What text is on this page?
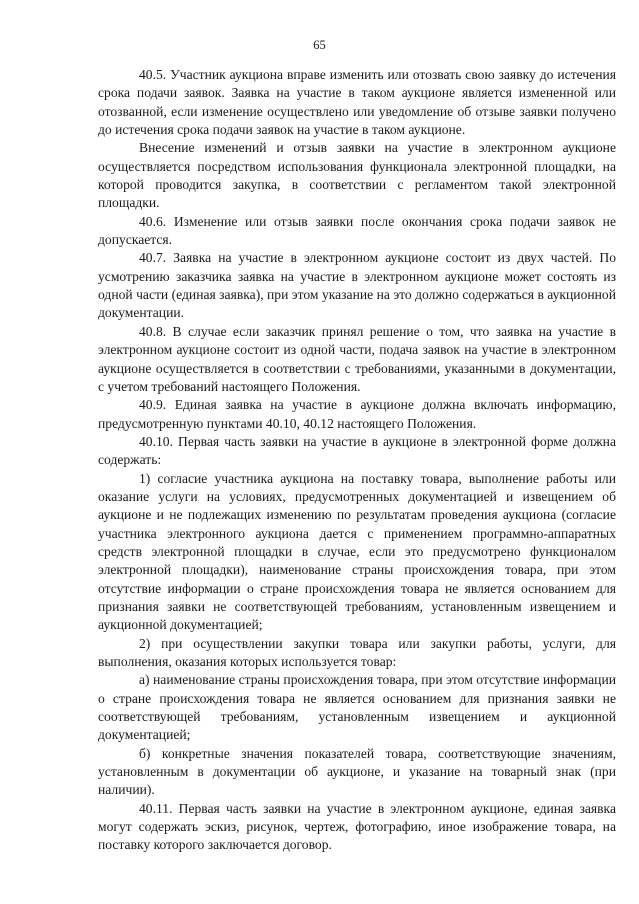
65

40.5. Участник аукциона вправе изменить или отозвать свою заявку до истечения срока подачи заявок. Заявка на участие в таком аукционе является измененной или отозванной, если изменение осуществлено или уведомление об отзыве заявки получено до истечения срока подачи заявок на участие в таком аукционе.

Внесение изменений и отзыв заявки на участие в электронном аукционе осуществляется посредством использования функционала электронной площадки, на которой проводится закупка, в соответствии с регламентом такой электронной площадки.

40.6. Изменение или отзыв заявки после окончания срока подачи заявок не допускается.

40.7. Заявка на участие в электронном аукционе состоит из двух частей. По усмотрению заказчика заявка на участие в электронном аукционе может состоять из одной части (единая заявка), при этом указание на это должно содержаться в аукционной документации.

40.8. В случае если заказчик принял решение о том, что заявка на участие в электронном аукционе состоит из одной части, подача заявок на участие в электронном аукционе осуществляется в соответствии с требованиями, указанными в документации, с учетом требований настоящего Положения.

40.9. Единая заявка на участие в аукционе должна включать информацию, предусмотренную пунктами 40.10, 40.12 настоящего Положения.

40.10. Первая часть заявки на участие в аукционе в электронной форме должна содержать:

1) согласие участника аукциона на поставку товара, выполнение работы или оказание услуги на условиях, предусмотренных документацией и извещением об аукционе и не подлежащих изменению по результатам проведения аукциона (согласие участника электронного аукциона дается с применением программно-аппаратных средств электронной площадки в случае, если это предусмотрено функционалом электронной площадки), наименование страны происхождения товара, при этом отсутствие информации о стране происхождения товара не является основанием для признания заявки не соответствующей требованиям, установленным извещением и аукционной документацией;

2) при осуществлении закупки товара или закупки работы, услуги, для выполнения, оказания которых используется товар:

а) наименование страны происхождения товара, при этом отсутствие информации о стране происхождения товара не является основанием для признания заявки не соответствующей требованиям, установленным извещением и аукционной документацией;

б) конкретные значения показателей товара, соответствующие значениям, установленным в документации об аукционе, и указание на товарный знак (при наличии).

40.11. Первая часть заявки на участие в электронном аукционе, единая заявка могут содержать эскиз, рисунок, чертеж, фотографию, иное изображение товара, на поставку которого заключается договор.
